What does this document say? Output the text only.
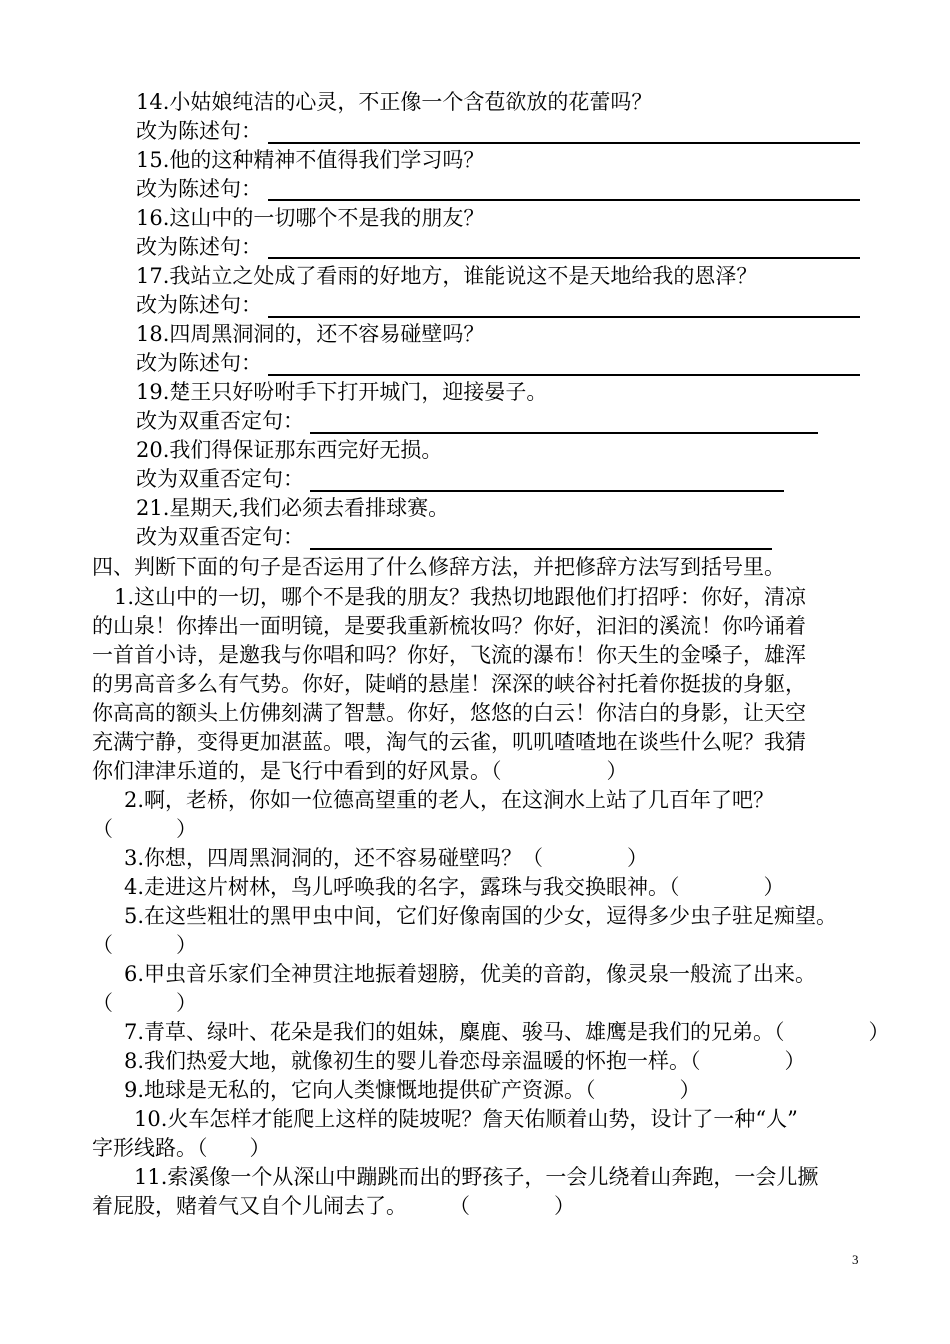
14.小姑娘纯洁的心灵，不正像一个含苞欲放的花蕾吗？
改为陈述句：
15.他的这种精神不值得我们学习吗？
改为陈述句：
16.这山中的一切哪个不是我的朋友？
改为陈述句：
17.我站立之处成了看雨的好地方，谁能说这不是天地给我的恩泽？
改为陈述句：
18.四周黑洞洞的，还不容易碰壁吗？
改为陈述句：
19.楚王只好吩咐手下打开城门，迎接晏子。
改为双重否定句：
20.我们得保证那东西完好无损。
改为双重否定句：
21.星期天,我们必须去看排球赛。
改为双重否定句：
四、判断下面的句子是否运用了什么修辞方法，并把修辞方法写到括号里。
1.这山中的一切，哪个不是我的朋友？我热切地跟他们打招呼：你好，清凉
的山泉！你捧出一面明镜，是要我重新梳妆吗？你好，汩汩的溪流！你吟诵着
一首首小诗，是邀我与你唱和吗？你好，飞流的瀑布！你天生的金嗓子，雄浑
的男高音多么有气势。你好，陡峭的悬崖！深深的峡谷衬托着你挺拔的身躯，
你高高的额头上仿佛刻满了智慧。你好，悠悠的白云！你洁白的身影，让天空
充满宁静，变得更加湛蓝。喂，淘气的云雀，叽叽喳喳地在谈些什么呢？我猜
你们津津乐道的，是飞行中看到的好风景。（　　　　　）
2.啊，老桥，你如一位德高望重的老人，在这涧水上站了几百年了吧？
（　　　）
3.你想，四周黑洞洞的，还不容易碰壁吗？（　　　　）
4.走进这片树林，鸟儿呼唤我的名字，露珠与我交换眼神。（　　　　）
5.在这些粗壮的黑甲虫中间，它们好像南国的少女，逗得多少虫子驻足痴望。
（　　　）
6.甲虫音乐家们全神贯注地振着翅膀，优美的音韵，像灵泉一般流了出来。
（　　　）
7.青草、绿叶、花朵是我们的姐妹，麋鹿、骏马、雄鹰是我们的兄弟。（　　　　）
8.我们热爱大地，就像初生的婴儿眷恋母亲温暖的怀抱一样。（　　　　）
9.地球是无私的，它向人类慷慨地提供矿产资源。（　　　　）
10.火车怎样才能爬上这样的陡坡呢？詹天佑顺着山势，设计了一种“人”
字形线路。（　　）
11.索溪像一个从深山中蹦跳而出的野孩子，一会儿绕着山奔跑，一会儿撅
着屁股，赌着气又自个儿闹去了。　　　（　　　　）
3
